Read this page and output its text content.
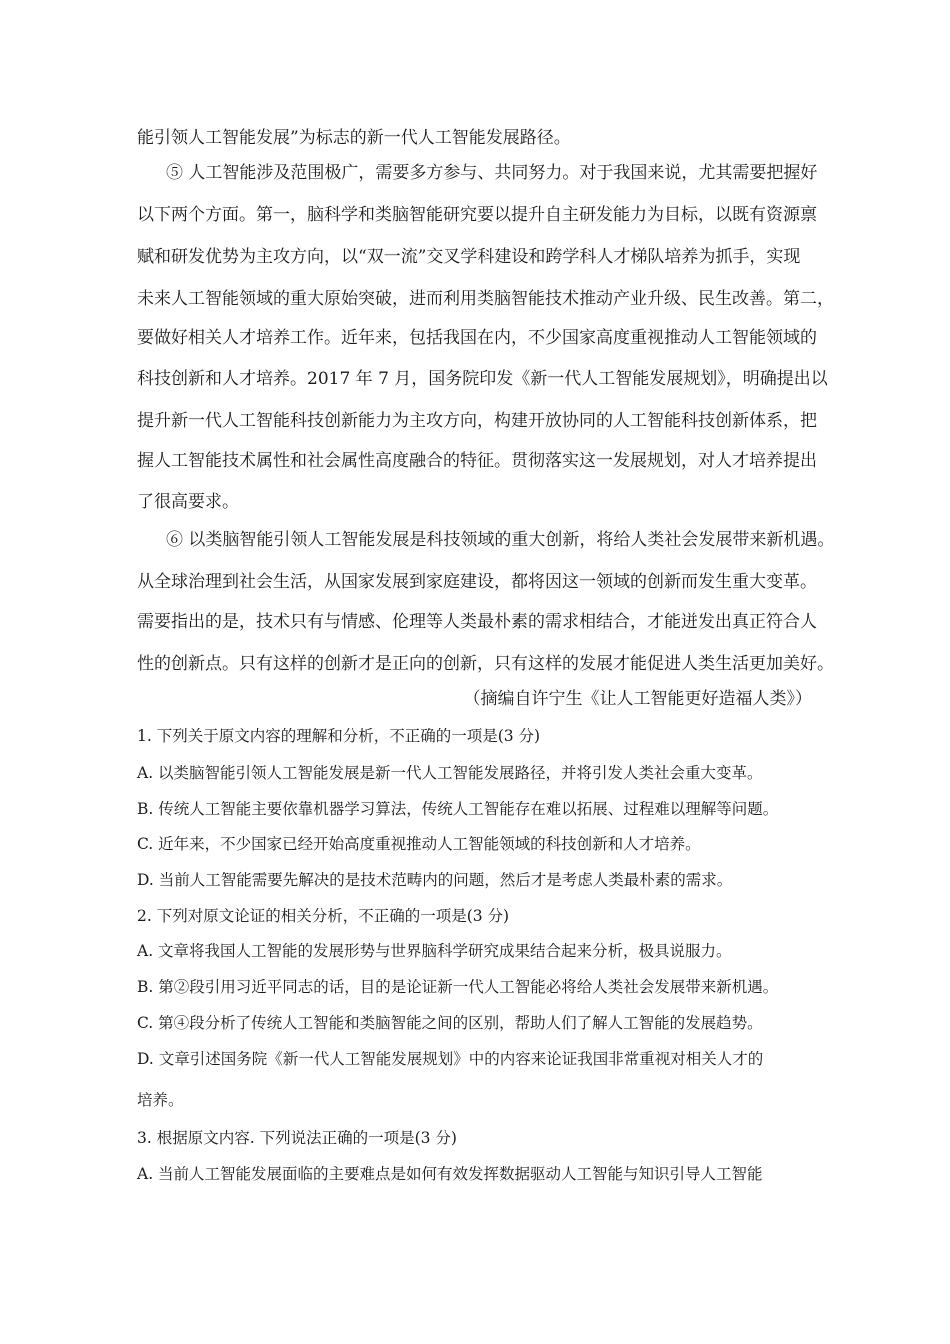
能引领人工智能发展”为标志的新一代人工智能发展路径。
⑤ 人工智能涉及范围极广，需要多方参与、共同努力。对于我国来说，尤其需要把握好
以下两个方面。第一，脑科学和类脑智能研究要以提升自主研发能力为目标，以既有资源禀
赋和研发优势为主攻方向，以“双一流”交叉学科建设和跨学科人才梯队培养为抓手，实现
未来人工智能领域的重大原始突破，进而利用类脑智能技术推动产业升级、民生改善。第二，
要做好相关人才培养工作。近年来，包括我国在内，不少国家高度重视推动人工智能领域的
科技创新和人才培养。2017 年 7 月，国务院印发《新一代人工智能发展规划》，明确提出以
提升新一代人工智能科技创新能力为主攻方向，构建开放协同的人工智能科技创新体系，把
握人工智能技术属性和社会属性高度融合的特征。贯彻落实这一发展规划，对人才培养提出
了很高要求。
⑥ 以类脑智能引领人工智能发展是科技领域的重大创新，将给人类社会发展带来新机遇。
从全球治理到社会生活，从国家发展到家庭建设，都将因这一领域的创新而发生重大变革。
需要指出的是，技术只有与情感、伦理等人类最朴素的需求相结合，才能迸发出真正符合人
性的创新点。只有这样的创新才是正向的创新，只有这样的发展才能促进人类生活更加美好。
（摘编自许宁生《让人工智能更好造福人类》）
1. 下列关于原文内容的理解和分析，不正确的一项是(3 分)
A. 以类脑智能引领人工智能发展是新一代人工智能发展路径，并将引发人类社会重大变革。
B. 传统人工智能主要依靠机器学习算法，传统人工智能存在难以拓展、过程难以理解等问题。
C. 近年来，不少国家已经开始高度重视推动人工智能领域的科技创新和人才培养。
D. 当前人工智能需要先解决的是技术范畴内的问题，然后才是考虑人类最朴素的需求。
2. 下列对原文论证的相关分析，不正确的一项是(3 分)
A. 文章将我国人工智能的发展形势与世界脑科学研究成果结合起来分析，极具说服力。
B. 第②段引用习近平同志的话，目的是论证新一代人工智能必将给人类社会发展带来新机遇。
C. 第④段分析了传统人工智能和类脑智能之间的区别，帮助人们了解人工智能的发展趋势。
D. 文章引述国务院《新一代人工智能发展规划》中的内容来论证我国非常重视对相关人才的
培养。
3. 根据原文内容. 下列说法正确的一项是(3 分)
A. 当前人工智能发展面临的主要难点是如何有效发挥数据驱动人工智能与知识引导人工智能
